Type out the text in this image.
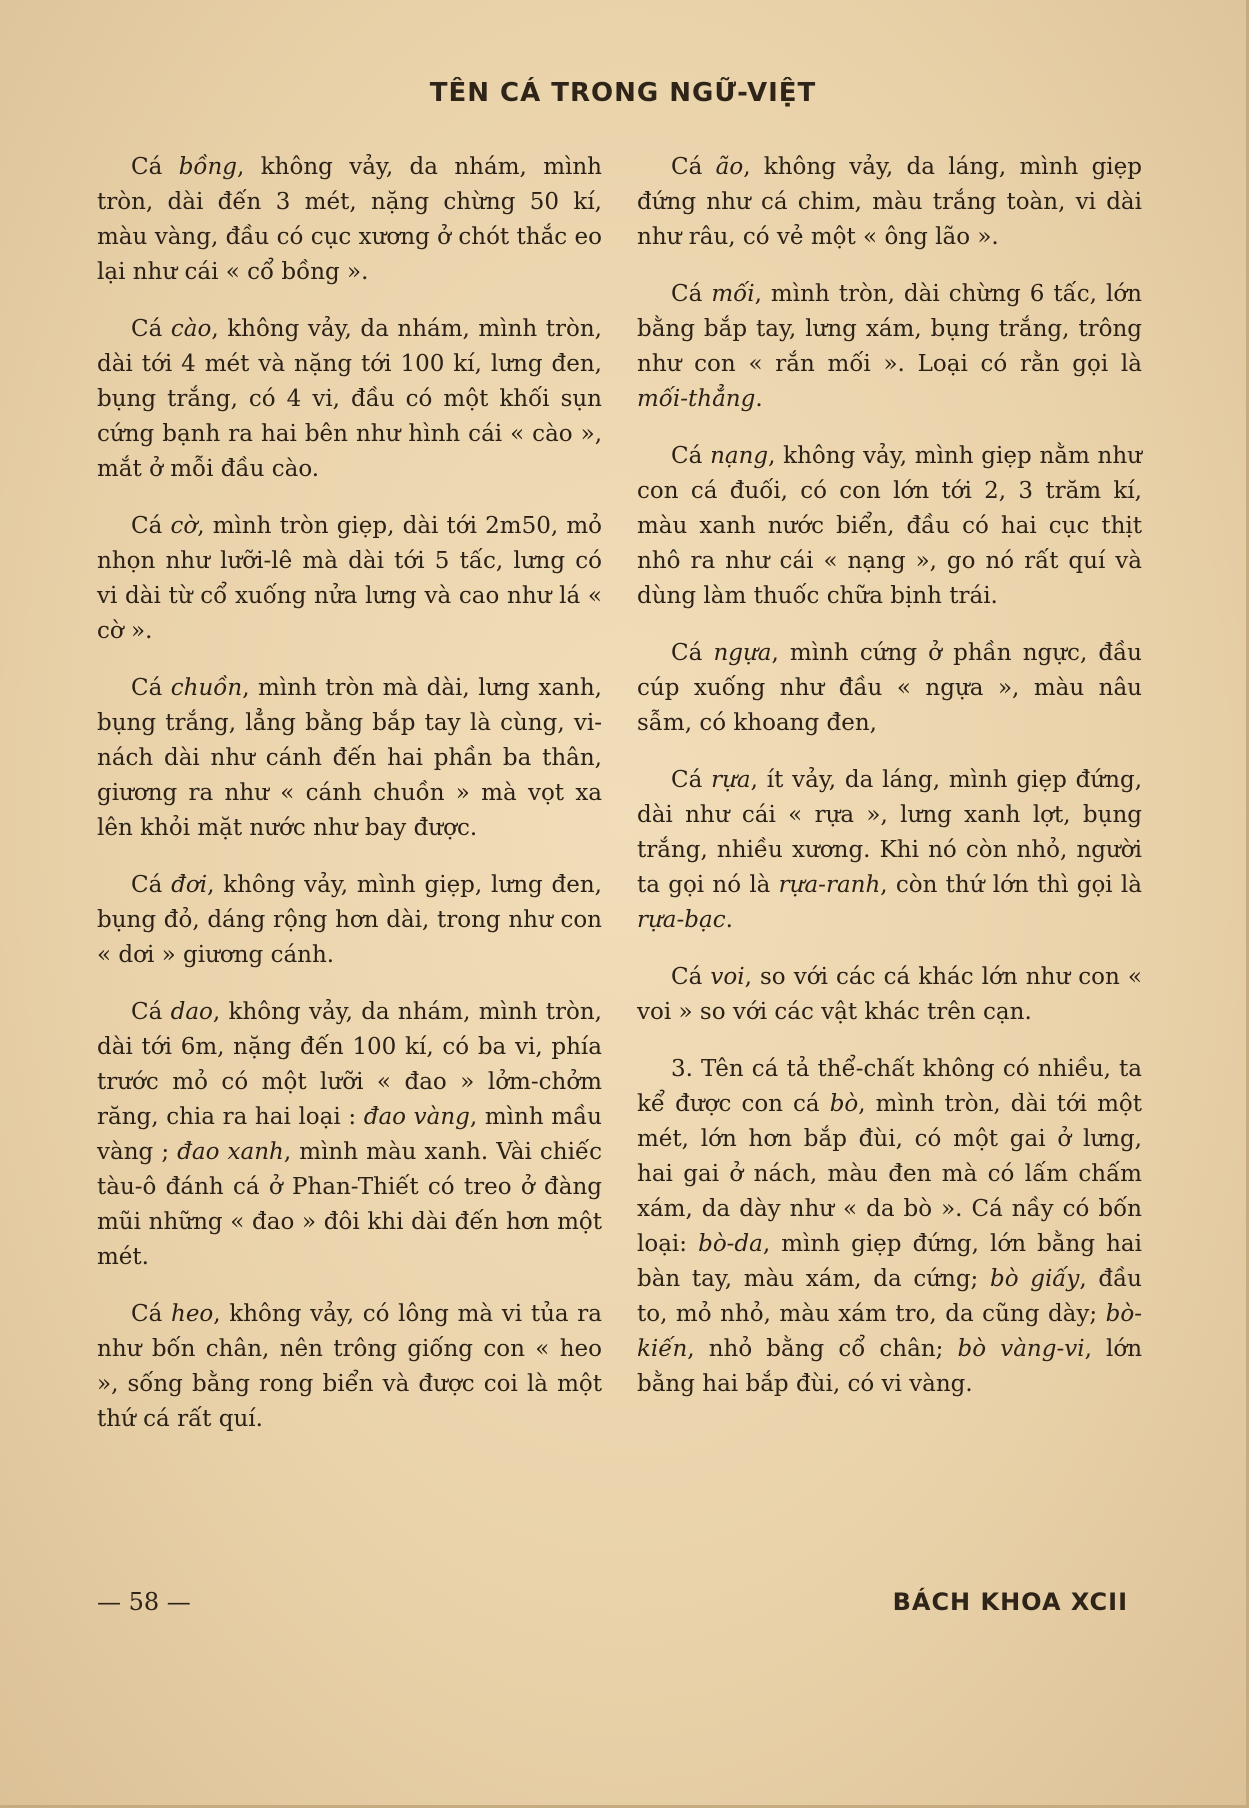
TÊN CÁ TRONG NGỮ-VIỆT

Cá bồng, không vảy, da nhám, mình tròn, dài đến 3 mét, nặng chừng 50 kí, màu vàng, đầu có cục xương ở chót thắc eo lại như cái « cổ bồng ».

Cá cào, không vảy, da nhám, mình tròn, dài tới 4 mét và nặng tới 100 kí, lưng đen, bụng trắng, có 4 vi, đầu có một khối sụn cứng bạnh ra hai bên như hình cái « cào », mắt ở mỗi đầu cào.

Cá cờ, mình tròn giẹp, dài tới 2m50, mỏ nhọn như lưỡi-lê mà dài tới 5 tấc, lưng có vi dài từ cổ xuống nửa lưng và cao như lá « cờ ».

Cá chuồn, mình tròn mà dài, lưng xanh, bụng trắng, lẳng bằng bắp tay là cùng, vi-nách dài như cánh đến hai phần ba thân, giương ra như « cánh chuồn » mà vọt xa lên khỏi mặt nước như bay được.

Cá đơi, không vảy, mình giẹp, lưng đen, bụng đỏ, dáng rộng hơn dài, trong như con « dơi » giương cánh.

Cá dao, không vảy, da nhám, mình tròn, dài tới 6m, nặng đến 100 kí, có ba vi, phía trước mỏ có một lưỡi « đao » lởm-chởm răng, chia ra hai loại : đao vàng, mình mầu vàng ; đao xanh, mình màu xanh. Vài chiếc tàu-ô đánh cá ở Phan-Thiết có treo ở đàng mũi những « đao » đôi khi dài đến hơn một mét.

Cá heo, không vảy, có lông mà vi tủa ra như bốn chân, nên trông giống con « heo », sống bằng rong biển và được coi là một thứ cá rất quí.

Cá ão, không vảy, da láng, mình giẹp đứng như cá chim, màu trắng toàn, vi dài như râu, có vẻ một « ông lão ».

Cá mối, mình tròn, dài chừng 6 tấc, lớn bằng bắp tay, lưng xám, bụng trắng, trông như con « rắn mối ». Loại có rằn gọi là mối-thẳng.

Cá nạng, không vảy, mình giẹp nằm như con cá đuối, có con lớn tới 2, 3 trăm kí, màu xanh nước biển, đầu có hai cục thịt nhô ra như cái « nạng », go nó rất quí và dùng làm thuốc chữa bịnh trái.

Cá ngựa, mình cứng ở phần ngực, đầu cúp xuống như đầu « ngựa », màu nâu sẫm, có khoang đen,

Cá rựa, ít vảy, da láng, mình giẹp đứng, dài như cái « rựa », lưng xanh lợt, bụng trắng, nhiều xương. Khi nó còn nhỏ, người ta gọi nó là rựa-ranh, còn thứ lớn thì gọi là rựa-bạc.

Cá voi, so với các cá khác lớn như con « voi » so với các vật khác trên cạn.

3. Tên cá tả thể-chất không có nhiều, ta kể được con cá bò, mình tròn, dài tới một mét, lớn hơn bắp đùi, có một gai ở lưng, hai gai ở nách, màu đen mà có lấm chấm xám, da dày như « da bò ». Cá nầy có bốn loại: bò-da, mình giẹp đứng, lớn bằng hai bàn tay, màu xám, da cứng; bò giấy, đầu to, mỏ nhỏ, màu xám tro, da cũng dày; bò-kiến, nhỏ bằng cổ chân; bò vàng-vi, lớn bằng hai bắp đùi, có vi vàng.

— 58 —	BÁCH KHOA XCII
